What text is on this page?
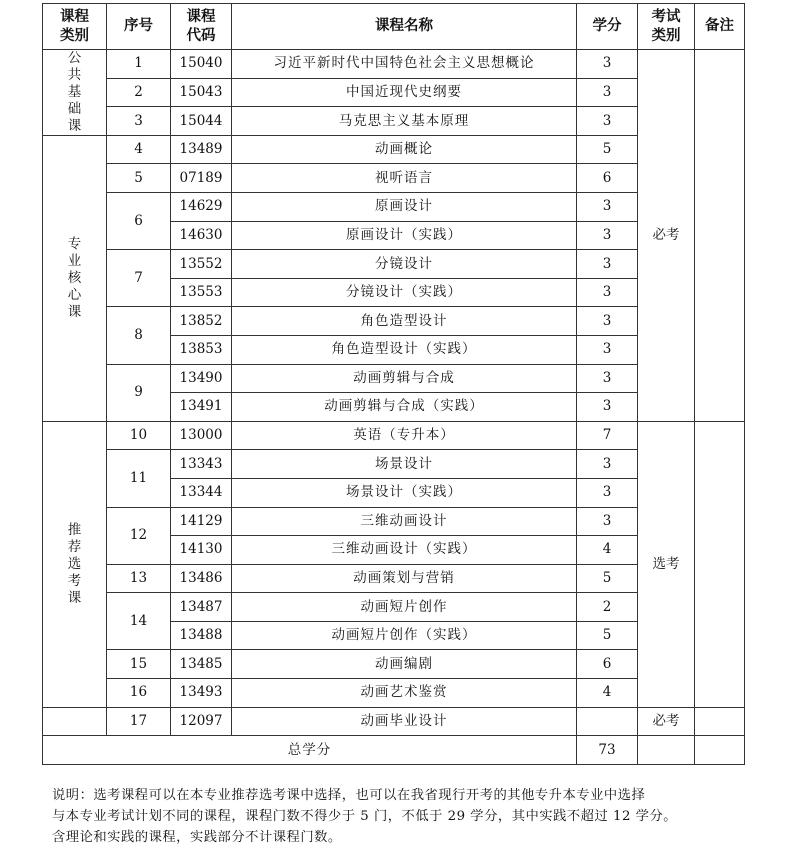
课程类别	序号	课程代码	课程名称	学分	考试类别	备注
公共基础课	1	15040	习近平新时代中国特色社会主义思想概论	3	必考	
	2	15043	中国近现代史纲要	3		
	3	15044	马克思主义基本原理	3		
专业核心课	4	13489	动画概论	5		
	5	07189	视听语言	6		
	6	14629	原画设计	3		
		14630	原画设计（实践）	3		
	7	13552	分镜设计	3		
		13553	分镜设计（实践）	3		
	8	13852	角色造型设计	3		
		13853	角色造型设计（实践）	3		
	9	13490	动画剪辑与合成	3		
		13491	动画剪辑与合成（实践）	3		
推荐选考课	10	13000	英语（专升本）	7	选考	
	11	13343	场景设计	3		
		13344	场景设计（实践）	3		
	12	14129	三维动画设计	3		
		14130	三维动画设计（实践）	4		
	13	13486	动画策划与营销	5		
	14	13487	动画短片创作	2		
		13488	动画短片创作（实践）	5		
	15	13485	动画编剧	6		
	16	13493	动画艺术鉴赏	4		
	17	12097	动画毕业设计		必考	
总学分				73		

说明：选考课程可以在本专业推荐选考课中选择，也可以在我省现行开考的其他专升本专业中选择

与本专业考试计划不同的课程，课程门数不得少于 5 门，不低于 29 学分，其中实践不超过 12 学分。

含理论和实践的课程，实践部分不计课程门数。
